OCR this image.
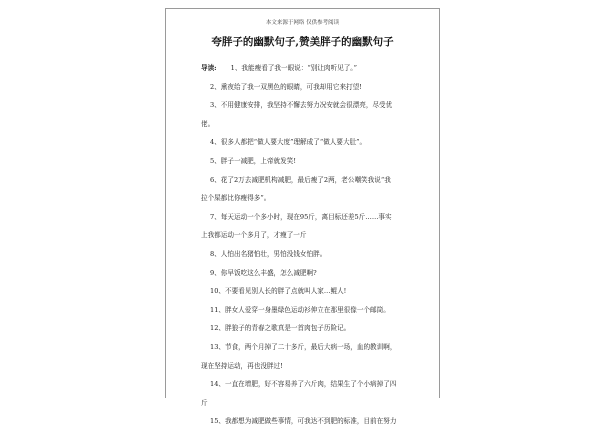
本文来源于网络 仅供参考阅读
夸胖子的幽默句子,赞美胖子的幽默句子
导读: 1、我能瘦看了我一眼说：“别让肉听见了。”
2、熏夜给了我一双黑色的眼睛，可我却用它来打望!
3、不用健康安排，我坚持不懈去努力况安就会很漂亮，尽受优
佬。
4、很多人都把“做人要大度”理解成了“做人要大肚”。
5、胖子一减肥，上帝就发笑!
6、花了2万去减肥机构减肥，最后瘦了2两，老公嘲笑我说“我
拉个屎都比你瘦得多”。
7、每天运动一个多小时，现在95斤，离目标还差5斤……事实
上我都运动一个多月了，才瘦了一斤
8、人怕出名猪怕壮，男怕没钱女怕胖。
9、你早饭吃这么丰盛，怎么减肥啊?
10、不要看见别人长的胖了点就叫人家…鲲人!
11、胖女人爱穿一身墨绿色运动衫伸立在那里很像一个邮筒。
12、胖狼子的青春之歌真是一首肉包子历险记。
13、节食，两个月掉了二十多斤，最后大病一场，血的教训啊，
现在坚持运动，再也没胖过!
14、一直在增肥，好不容易养了六斤肉，结果生了个小病掉了四
斤
15、我都想为减肥做些事情，可我达不到肥的标准，目前在努力
